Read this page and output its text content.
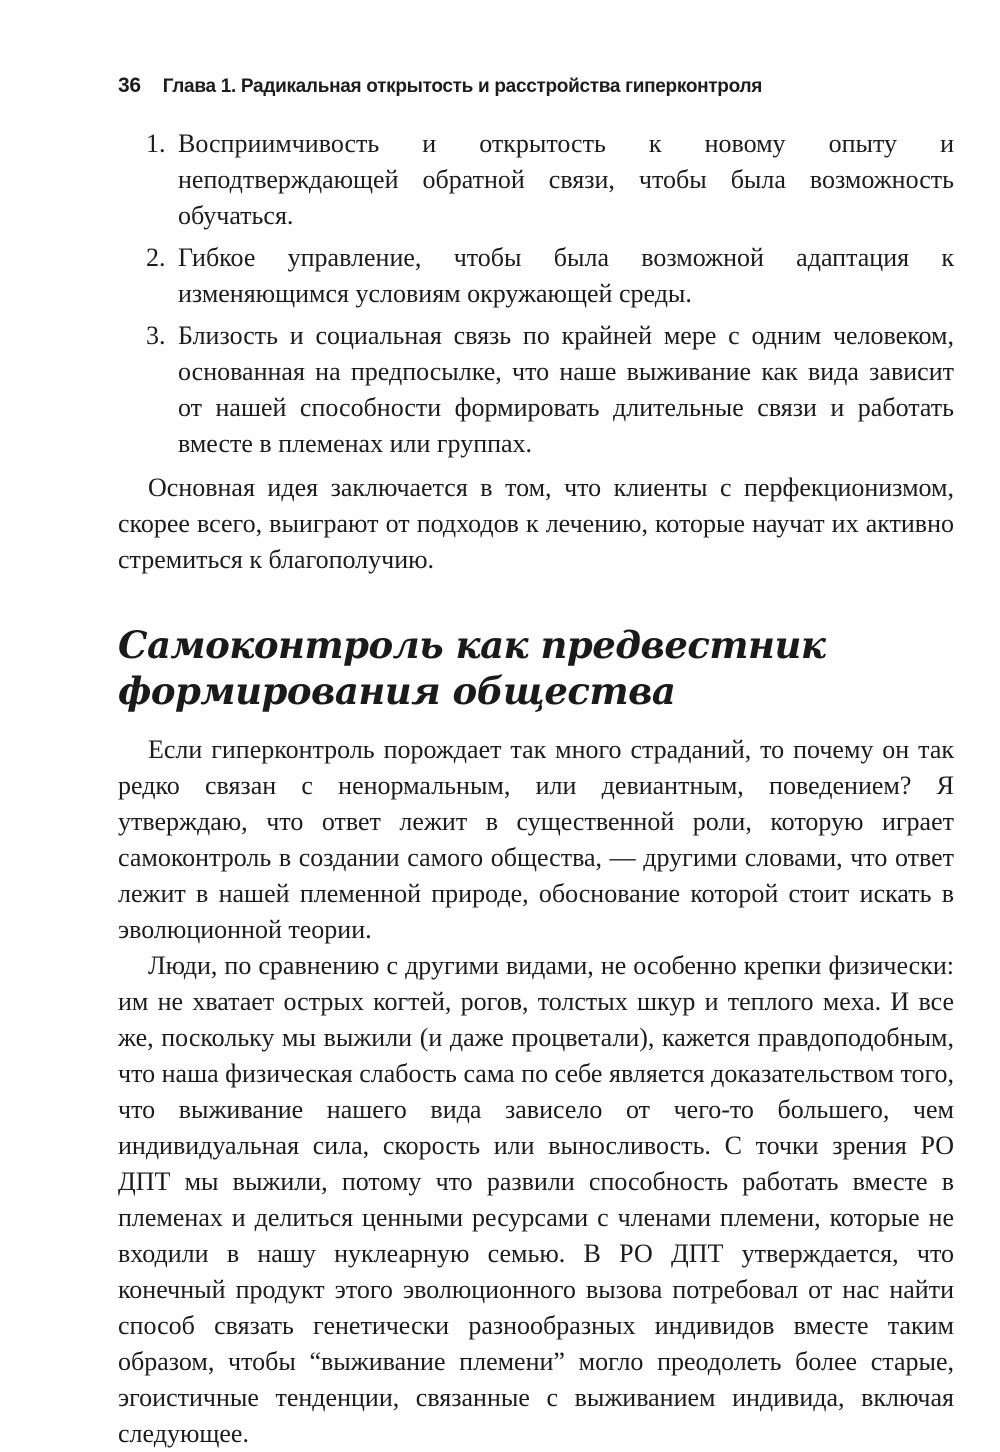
36 Глава 1. Радикальная открытость и расстройства гиперконтроля
1. Восприимчивость и открытость к новому опыту и неподтверждающей обратной связи, чтобы была возможность обучаться.
2. Гибкое управление, чтобы была возможной адаптация к изменяющимся условиям окружающей среды.
3. Близость и социальная связь по крайней мере с одним человеком, основанная на предпосылке, что наше выживание как вида зависит от нашей способности формировать длительные связи и работать вместе в племенах или группах.

Основная идея заключается в том, что клиенты с перфекционизмом, скорее всего, выиграют от подходов к лечению, которые научат их активно стремиться к благополучию.

Самоконтроль как предвестник формирования общества

Если гиперконтроль порождает так много страданий, то почему он так редко связан с ненормальным, или девиантным, поведением? Я утверждаю, что ответ лежит в существенной роли, которую играет самоконтроль в создании самого общества, — другими словами, что ответ лежит в нашей племенной природе, обоснование которой стоит искать в эволюционной теории.

Люди, по сравнению с другими видами, не особенно крепки физически: им не хватает острых когтей, рогов, толстых шкур и теплого меха. И все же, поскольку мы выжили (и даже процветали), кажется правдоподобным, что наша физическая слабость сама по себе является доказательством того, что выживание нашего вида зависело от чего-то большего, чем индивидуальная сила, скорость или выносливость. С точки зрения РО ДПТ мы выжили, потому что развили способность работать вместе в племенах и делиться ценными ресурсами с членами племени, которые не входили в нашу нуклеарную семью. В РО ДПТ утверждается, что конечный продукт этого эволюционного вызова потребовал от нас найти способ связать генетически разнообразных индивидов вместе таким образом, чтобы “выживание племени” могло преодолеть более старые, эгоистичные тенденции, связанные с выживанием индивида, включая следующее.
